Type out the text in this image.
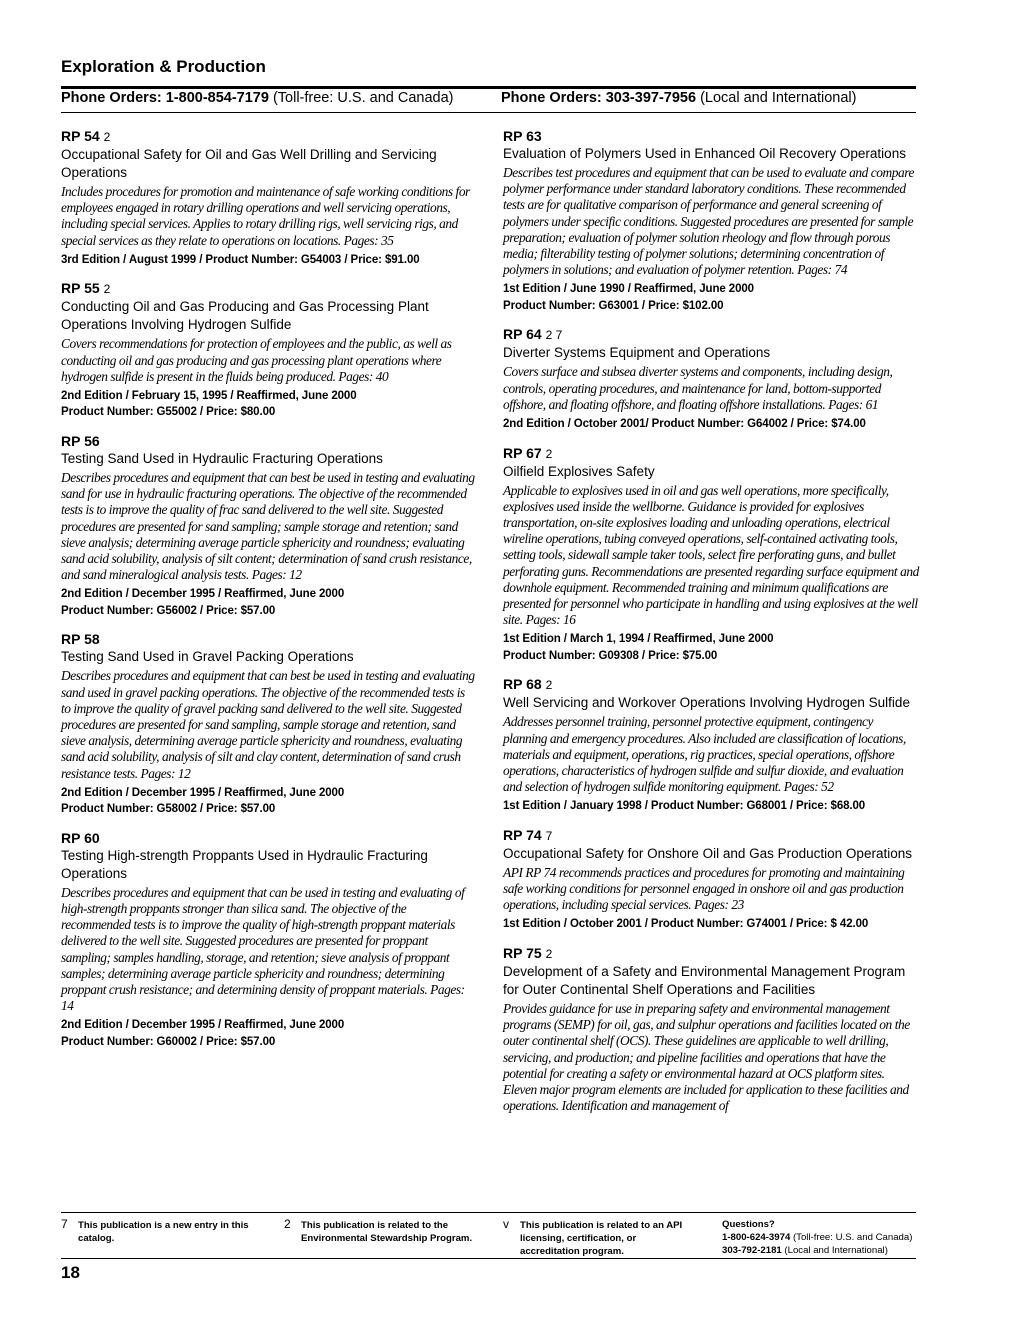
Exploration & Production
Phone Orders: 1-800-854-7179 (Toll-free: U.S. and Canada)	Phone Orders: 303-397-7956 (Local and International)
RP 54 2
Occupational Safety for Oil and Gas Well Drilling and Servicing Operations
Includes procedures for promotion and maintenance of safe working conditions for employees engaged in rotary drilling operations and well servicing operations, including special services. Applies to rotary drilling rigs, well servicing rigs, and special services as they relate to operations on locations. Pages: 35
3rd Edition / August 1999 / Product Number: G54003 / Price: $91.00
RP 55 2
Conducting Oil and Gas Producing and Gas Processing Plant Operations Involving Hydrogen Sulfide
Covers recommendations for protection of employees and the public, as well as conducting oil and gas producing and gas processing plant operations where hydrogen sulfide is present in the fluids being produced. Pages: 40
2nd Edition / February 15, 1995 / Reaffirmed, June 2000
Product Number: G55002 / Price: $80.00
RP 56
Testing Sand Used in Hydraulic Fracturing Operations
Describes procedures and equipment that can best be used in testing and evaluating sand for use in hydraulic fracturing operations. The objective of the recommended tests is to improve the quality of frac sand delivered to the well site. Suggested procedures are presented for sand sampling; sample storage and retention; sand sieve analysis; determining average particle sphericity and roundness; evaluating sand acid solubility, analysis of silt content; determination of sand crush resistance, and sand mineralogical analysis tests. Pages: 12
2nd Edition / December 1995 / Reaffirmed, June 2000
Product Number: G56002 / Price: $57.00
RP 58
Testing Sand Used in Gravel Packing Operations
Describes procedures and equipment that can best be used in testing and evaluating sand used in gravel packing operations. The objective of the recommended tests is to improve the quality of gravel packing sand delivered to the well site. Suggested procedures are presented for sand sampling, sample storage and retention, sand sieve analysis, determining average particle sphericity and roundness, evaluating sand acid solubility, analysis of silt and clay content, determination of sand crush resistance tests. Pages: 12
2nd Edition / December 1995 / Reaffirmed, June 2000
Product Number: G58002 / Price: $57.00
RP 60
Testing High-strength Proppants Used in Hydraulic Fracturing Operations
Describes procedures and equipment that can be used in testing and evaluating of high-strength proppants stronger than silica sand. The objective of the recommended tests is to improve the quality of high-strength proppant materials delivered to the well site. Suggested procedures are presented for proppant sampling; samples handling, storage, and retention; sieve analysis of proppant samples; determining average particle sphericity and roundness; determining proppant crush resistance; and determining density of proppant materials. Pages: 14
2nd Edition / December 1995 / Reaffirmed, June 2000
Product Number: G60002 / Price: $57.00
RP 63
Evaluation of Polymers Used in Enhanced Oil Recovery Operations
Describes test procedures and equipment that can be used to evaluate and compare polymer performance under standard laboratory conditions. These recommended tests are for qualitative comparison of performance and general screening of polymers under specific conditions. Suggested procedures are presented for sample preparation; evaluation of polymer solution rheology and flow through porous media; filterability testing of polymer solutions; determining concentration of polymers in solutions; and evaluation of polymer retention. Pages: 74
1st Edition / June 1990 / Reaffirmed, June 2000
Product Number: G63001 / Price: $102.00
RP 64 2 7
Diverter Systems Equipment and Operations
Covers surface and subsea diverter systems and components, including design, controls, operating procedures, and maintenance for land, bottom-supported offshore, and floating offshore, and floating offshore installations. Pages: 61
2nd Edition / October 2001/ Product Number: G64002 / Price: $74.00
RP 67 2
Oilfield Explosives Safety
Applicable to explosives used in oil and gas well operations, more specifically, explosives used inside the wellborne. Guidance is provided for explosives transportation, on-site explosives loading and unloading operations, electrical wireline operations, tubing conveyed operations, self-contained activating tools, setting tools, sidewall sample taker tools, select fire perforating guns, and bullet perforating guns. Recommendations are presented regarding surface equipment and downhole equipment. Recommended training and minimum qualifications are presented for personnel who participate in handling and using explosives at the well site. Pages: 16
1st Edition / March 1, 1994 / Reaffirmed, June 2000
Product Number: G09308 / Price: $75.00
RP 68 2
Well Servicing and Workover Operations Involving Hydrogen Sulfide
Addresses personnel training, personnel protective equipment, contingency planning and emergency procedures. Also included are classification of locations, materials and equipment, operations, rig practices, special operations, offshore operations, characteristics of hydrogen sulfide and sulfur dioxide, and evaluation and selection of hydrogen sulfide monitoring equipment. Pages: 52
1st Edition / January 1998 / Product Number: G68001 / Price: $68.00
RP 74 7
Occupational Safety for Onshore Oil and Gas Production Operations
API RP 74 recommends practices and procedures for promoting and maintaining safe working conditions for personnel engaged in onshore oil and gas production operations, including special services. Pages: 23
1st Edition / October 2001 / Product Number: G74001 / Price: $ 42.00
RP 75 2
Development of a Safety and Environmental Management Program for Outer Continental Shelf Operations and Facilities
Provides guidance for use in preparing safety and environmental management programs (SEMP) for oil, gas, and sulphur operations and facilities located on the outer continental shelf (OCS). These guidelines are applicable to well drilling, servicing, and production; and pipeline facilities and operations that have the potential for creating a safety or environmental hazard at OCS platform sites. Eleven major program elements are included for application to these facilities and operations. Identification and management of
7 This publication is a new entry in this catalog.
2 This publication is related to the Environmental Stewardship Program.
v This publication is related to an API licensing, certification, or accreditation program.
Questions?
1-800-624-3974 (Toll-free: U.S. and Canada)
303-792-2181 (Local and International)
18
